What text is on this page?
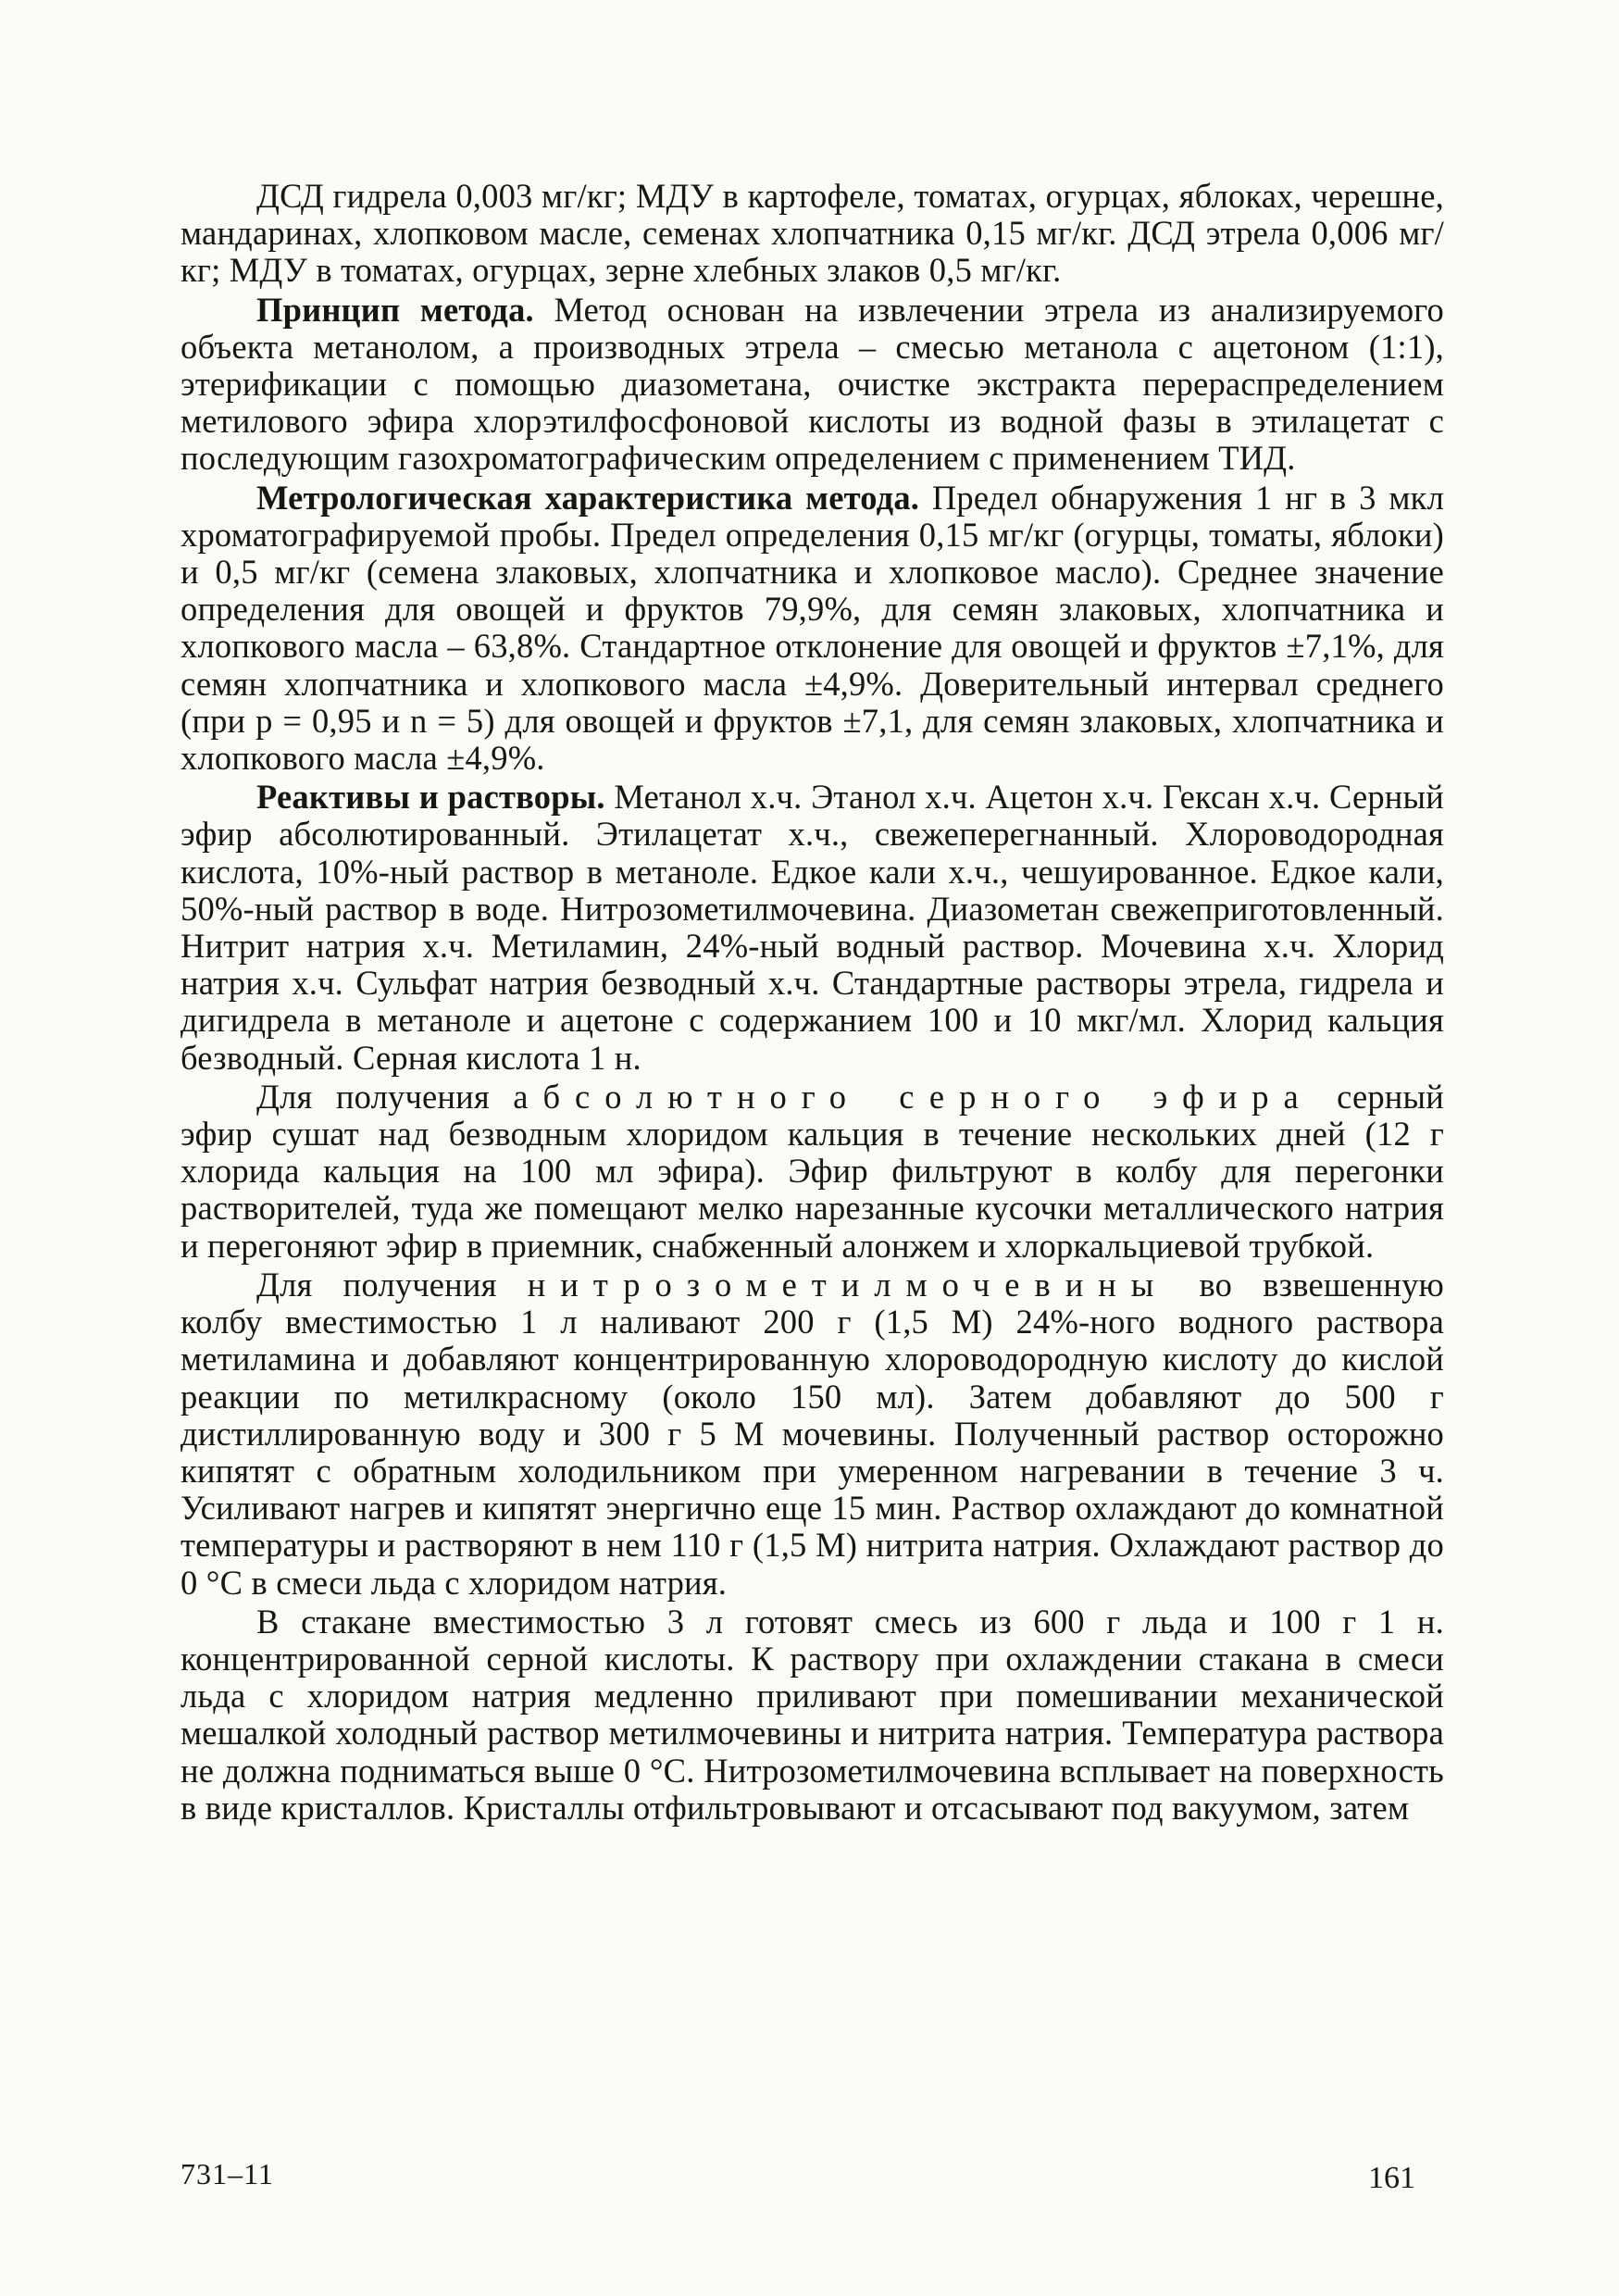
ДСД гидрела 0,003 мг/кг; МДУ в картофеле, томатах, огурцах, яблоках, черешне, мандаринах, хлопковом масле, семенах хлопчатника 0,15 мг/кг. ДСД этрела 0,006 мг/кг; МДУ в томатах, огурцах, зерне хлебных злаков 0,5 мг/кг.

Принцип метода. Метод основан на извлечении этрела из анализируемого объекта метанолом, а производных этрела – смесью метанола с ацетоном (1:1), этерификации с помощью диазометана, очистке экстракта перераспределением метилового эфира хлорэтилфосфоновой кислоты из водной фазы в этилацетат с последующим газохроматографическим определением с применением ТИД.

Метрологическая характеристика метода. Предел обнаружения 1 нг в 3 мкл хроматографируемой пробы. Предел определения 0,15 мг/кг (огурцы, томаты, яблоки) и 0,5 мг/кг (семена злаковых, хлопчатника и хлопковое масло). Среднее значение определения для овощей и фруктов 79,9%, для семян злаковых, хлопчатника и хлопкового масла – 63,8%. Стандартное отклонение для овощей и фруктов ±7,1%, для семян хлопчатника и хлопкового масла ±4,9%. Доверительный интервал среднего (при p = 0,95 и n = 5) для овощей и фруктов ±7,1, для семян злаковых, хлопчатника и хлопкового масла ±4,9%.

Реактивы и растворы. Метанол х.ч. Этанол х.ч. Ацетон х.ч. Гексан х.ч. Серный эфир абсолютированный. Этилацетат х.ч., свежеперегнанный. Хлороводородная кислота, 10%-ный раствор в метаноле. Едкое кали х.ч., чешуированное. Едкое кали, 50%-ный раствор в воде. Нитрозометилмочевина. Диазометан свежеприготовленный. Нитрит натрия х.ч. Метиламин, 24%-ный водный раствор. Мочевина х.ч. Хлорид натрия х.ч. Сульфат натрия безводный х.ч. Стандартные растворы этрела, гидрела и дигидрела в метаноле и ацетоне с содержанием 100 и 10 мкг/мл. Хлорид кальция безводный. Серная кислота 1 н.

Для получения абсолютного серного эфира серный эфир сушат над безводным хлоридом кальция в течение нескольких дней (12 г хлорида кальция на 100 мл эфира). Эфир фильтруют в колбу для перегонки растворителей, туда же помещают мелко нарезанные кусочки металлического натрия и перегоняют эфир в приемник, снабженный алонжем и хлоркальциевой трубкой.

Для получения нитрозометилмочевины во взвешенную колбу вместимостью 1 л наливают 200 г (1,5 М) 24%-ного водного раствора метиламина и добавляют концентрированную хлороводородную кислоту до кислой реакции по метилкрасному (около 150 мл). Затем добавляют до 500 г дистиллированную воду и 300 г 5 М мочевины. Полученный раствор осторожно кипятят с обратным холодильником при умеренном нагревании в течение 3 ч. Усиливают нагрев и кипятят энергично еще 15 мин. Раствор охлаждают до комнатной температуры и растворяют в нем 110 г (1,5 М) нитрита натрия. Охлаждают раствор до 0 °С в смеси льда с хлоридом натрия.

В стакане вместимостью 3 л готовят смесь из 600 г льда и 100 г 1 н. концентрированной серной кислоты. К раствору при охлаждении стакана в смеси льда с хлоридом натрия медленно приливают при помешивании механической мешалкой холодный раствор метилмочевины и нитрита натрия. Температура раствора не должна подниматься выше 0 °С. Нитрозометилмочевина всплывает на поверхность в виде кристаллов. Кристаллы отфильтровывают и отсасывают под вакуумом, затем

731–11	161
